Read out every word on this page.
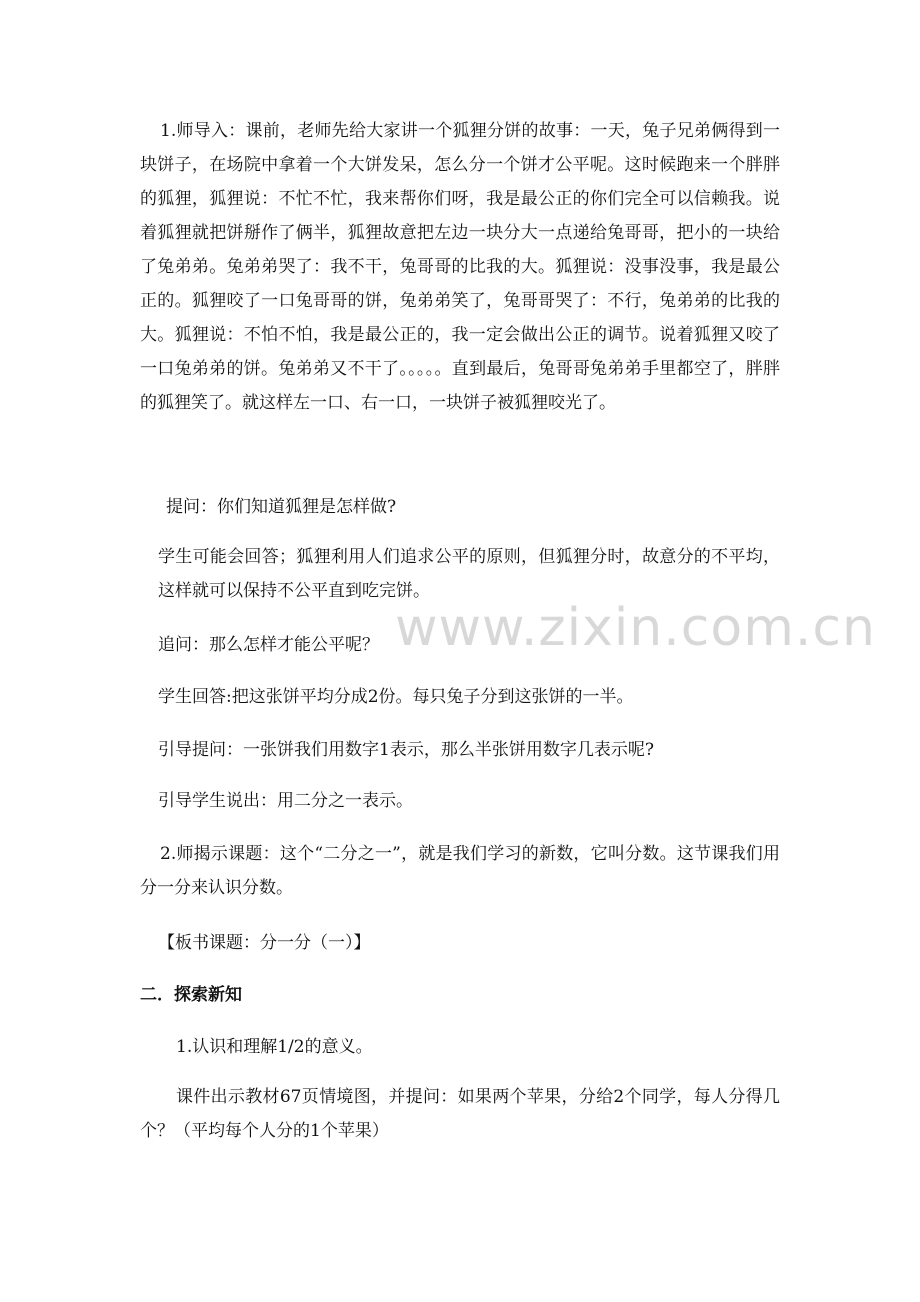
www.zixin.com.cn

1.师导入：课前，老师先给大家讲一个狐狸分饼的故事：一天，兔子兄弟俩得到一块饼子，在场院中拿着一个大饼发呆，怎么分一个饼才公平呢。这时候跑来一个胖胖的狐狸，狐狸说：不忙不忙，我来帮你们呀，我是最公正的你们完全可以信赖我。说着狐狸就把饼掰作了俩半，狐狸故意把左边一块分大一点递给兔哥哥，把小的一块给了兔弟弟。兔弟弟哭了：我不干，兔哥哥的比我的大。狐狸说：没事没事，我是最公正的。狐狸咬了一口兔哥哥的饼，兔弟弟笑了，兔哥哥哭了：不行，兔弟弟的比我的大。狐狸说：不怕不怕，我是最公正的，我一定会做出公正的调节。说着狐狸又咬了一口兔弟弟的饼。兔弟弟又不干了。。。。。直到最后，兔哥哥兔弟弟手里都空了，胖胖的狐狸笑了。就这样左一口、右一口，一块饼子被狐狸咬光了。

提问：你们知道狐狸是怎样做?

学生可能会回答；狐狸利用人们追求公平的原则，但狐狸分时，故意分的不平均，这样就可以保持不公平直到吃完饼。

追问：那么怎样才能公平呢？

学生回答:把这张饼平均分成2份。每只兔子分到这张饼的一半。

引导提问：一张饼我们用数字1表示，那么半张饼用数字几表示呢?

引导学生说出：用二分之一表示。

2.师揭示课题：这个“二分之一”，就是我们学习的新数，它叫分数。这节课我们用分一分来认识分数。

【板书课题：分一分（一）】

二．探索新知

1.认识和理解1/2的意义。

课件出示教材67页情境图，并提问：如果两个苹果，分给2个同学，每人分得几个？（平均每个人分的1个苹果）
